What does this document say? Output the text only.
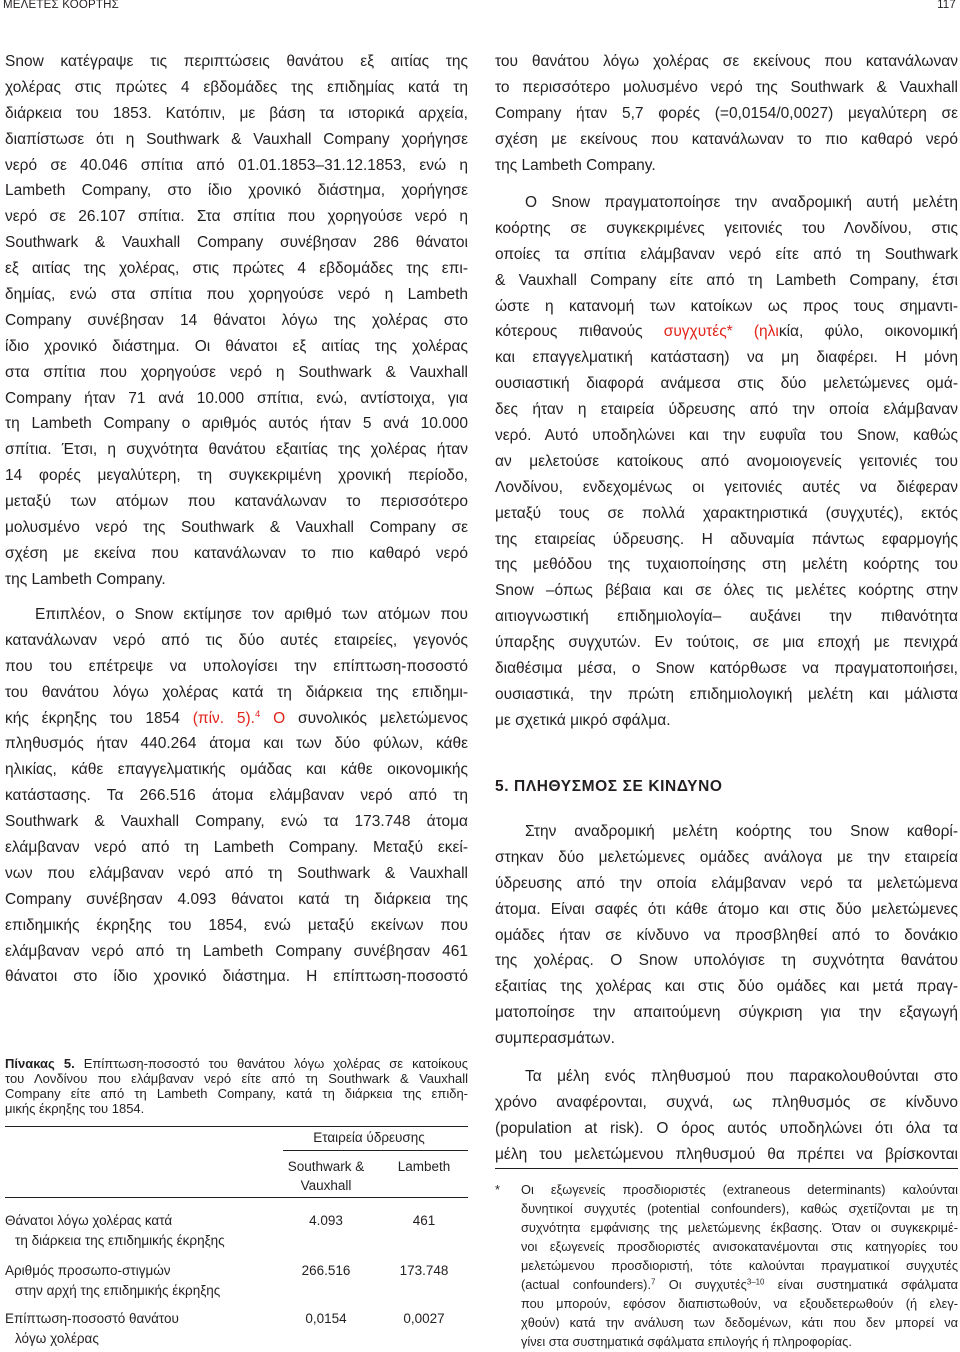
ΜΕΛΕΤΕΣ ΚΟΟΡΤΗΣ	117
Snow κατέγραψε τις περιπτώσεις θανάτου εξ αιτίας της
χολέρας στις πρώτες 4 εβδομάδες της επιδημίας κατά τη
διάρκεια του 1853. Κατόπιν, με βάση τα ιστορικά αρχεία,
διαπίστωσε ότι η Southwark & Vauxhall Company χορήγησε
νερό σε 40.046 σπίτια από 01.01.1853‒31.12.1853, ενώ η
Lambeth Company, στο ίδιο χρονικό διάστημα, χορήγησε
νερό σε 26.107 σπίτια. Στα σπίτια που χορηγούσε νερό η
Southwark & Vauxhall Company συνέβησαν 286 θάνατοι
εξ αιτίας της χολέρας, στις πρώτες 4 εβδομάδες της επι-
δημίας, ενώ στα σπίτια που χορηγούσε νερό η Lambeth
Company συνέβησαν 14 θάνατοι λόγω της χολέρας στο
ίδιο χρονικό διάστημα. Οι θάνατοι εξ αιτίας της χολέρας
στα σπίτια που χορηγούσε νερό η Southwark & Vauxhall
Company ήταν 71 ανά 10.000 σπίτια, ενώ, αντίστοιχα, για
τη Lambeth Company ο αριθμός αυτός ήταν 5 ανά 10.000
σπίτια. Έτσι, η συχνότητα θανάτου εξαιτίας της χολέρας ήταν
14 φορές μεγαλύτερη, τη συγκεκριμένη χρονική περίοδο,
μεταξύ των ατόμων που κατανάλωναν το περισσότερο
μολυσμένο νερό της Southwark & Vauxhall Company σε
σχέση με εκείνα που κατανάλωναν το πιο καθαρό νερό
της Lambeth Company.
Επιπλέον, ο Snow εκτίμησε τον αριθμό των ατόμων που
κατανάλωναν νερό από τις δύο αυτές εταιρείες, γεγονός
που του επέτρεψε να υπολογίσει την επίπτωση-ποσοστό
του θανάτου λόγω χολέρας κατά τη διάρκεια της επιδημι-
κής έκρηξης του 1854 (πίν. 5).$^4$ Ο συνολικός μελετώμενος
πληθυσμός ήταν 440.264 άτομα και των δύο φύλων, κάθε
ηλικίας, κάθε επαγγελματικής ομάδας και κάθε οικονομικής
κατάστασης. Τα 266.516 άτομα ελάμβαναν νερό από τη
Southwark & Vauxhall Company, ενώ τα 173.748 άτομα
ελάμβαναν νερό από τη Lambeth Company. Μεταξύ εκεί-
νων που ελάμβαναν νερό από τη Southwark & Vauxhall
Company συνέβησαν 4.093 θάνατοι κατά τη διάρκεια της
επιδημικής έκρηξης του 1854, ενώ μεταξύ εκείνων που
ελάμβαναν νερό από τη Lambeth Company συνέβησαν 461
θάνατοι στο ίδιο χρονικό διάστημα. Η επίπτωση-ποσοστό
Πίνακας 5. Επίπτωση-ποσοστό του θανάτου λόγω χολέρας σε κατοίκους
του Λονδίνου που ελάμβαναν νερό είτε από τη Southwark & Vauxhall
Company είτε από τη Lambeth Company, κατά τη διάρκεια της επιδη-
μικής έκρηξης του 1854.
Εταιρεία ύδρευσης
Southwark &
Vauxhall
Lambeth
Θάνατοι λόγω χολέρας κατά
τη διάρκεια της επιδημικής έκρηξης
4.093	461
Αριθμός προσωπο-στιγμών
στην αρχή της επιδημικής έκρηξης
266.516	173.748
Επίπτωση-ποσοστό θανάτου
λόγω χολέρας
0,0154	0,0027
του θανάτου λόγω χολέρας σε εκείνους που κατανάλωναν
το περισσότερο μολυσμένο νερό της Southwark & Vauxhall
Company ήταν 5,7 φορές (=0,0154/0,0027) μεγαλύτερη σε
σχέση με εκείνους που κατανάλωναν το πιο καθαρό νερό
της Lambeth Company.
Ο Snow πραγματοποίησε την αναδρομική αυτή μελέτη
κοόρτης σε συγκεκριμένες γειτονιές του Λονδίνου, στις
οποίες τα σπίτια ελάμβαναν νερό είτε από τη Southwark
& Vauxhall Company είτε από τη Lambeth Company, έτσι
ώστε η κατανομή των κατοίκων ως προς τους σημαντι-
κότερους πιθανούς συγχυτές* (ηλικία, φύλο, οικονομική
και επαγγελματική κατάσταση) να μη διαφέρει. Η μόνη
ουσιαστική διαφορά ανάμεσα στις δύο μελετώμενες ομά-
δες ήταν η εταιρεία ύδρευσης από την οποία ελάμβαναν
νερό. Αυτό υποδηλώνει και την ευφυΐα του Snow, καθώς
αν μελετούσε κατοίκους από ανομοιογενείς γειτονιές του
Λονδίνου, ενδεχομένως οι γειτονιές αυτές να διέφεραν
μεταξύ τους σε πολλά χαρακτηριστικά (συγχυτές), εκτός
της εταιρείας ύδρευσης. Η αδυναμία πάντως εφαρμογής
της μεθόδου της τυχαιοποίησης στη μελέτη κοόρτης του
Snow ‒όπως βέβαια και σε όλες τις μελέτες κοόρτης στην
αιτιογνωστική επιδημιολογία‒ αυξάνει την πιθανότητα
ύπαρξης συγχυτών. Εν τούτοις, σε μια εποχή με πενιχρά
διαθέσιμα μέσα, ο Snow κατόρθωσε να πραγματοποιήσει,
ουσιαστικά, την πρώτη επιδημιολογική μελέτη και μάλιστα
με σχετικά μικρό σφάλμα.
5. ΠΛΗΘΥΣΜΟΣ ΣΕ ΚΙΝΔΥΝΟ
Στην αναδρομική μελέτη κοόρτης του Snow καθορί-
στηκαν δύο μελετώμενες ομάδες ανάλογα με την εταιρεία
ύδρευσης από την οποία ελάμβαναν νερό τα μελετώμενα
άτομα. Είναι σαφές ότι κάθε άτομο και στις δύο μελετώμενες
ομάδες ήταν σε κίνδυνο να προσβληθεί από το δονάκιο
της χολέρας. Ο Snow υπολόγισε τη συχνότητα θανάτου
εξαιτίας της χολέρας και στις δύο ομάδες και μετά πραγ-
ματοποίησε την απαιτούμενη σύγκριση για την εξαγωγή
συμπερασμάτων.
Τα μέλη ενός πληθυσμού που παρακολουθούνται στο
χρόνο αναφέρονται, συχνά, ως πληθυσμός σε κίνδυνο
(population at risk). Ο όρος αυτός υποδηλώνει ότι όλα τα
μέλη του μελετώμενου πληθυσμού θα πρέπει να βρίσκονται
* Οι εξωγενείς προσδιοριστές (extraneous determinants) καλούνται
δυνητικοί συγχυτές (potential confounders), καθώς σχετίζονται με τη
συχνότητα εμφάνισης της μελετώμενης έκβασης. Όταν οι συγκεκριμέ-
νοι εξωγενείς προσδιοριστές ανισοκατανέμονται στις κατηγορίες του
μελετώμενου προσδιοριστή, τότε καλούνται πραγματικοί συγχυτές
(actual confounders).$^7$ Οι συγχυτές$^{3‒10}$ είναι συστηματικά σφάλματα
που μπορούν, εφόσον διαπιστωθούν, να εξουδετερωθούν (ή ελεγ-
χθούν) κατά την ανάλυση των δεδομένων, κάτι που δεν μπορεί να
γίνει στα συστηματικά σφάλματα επιλογής ή πληροφορίας.
